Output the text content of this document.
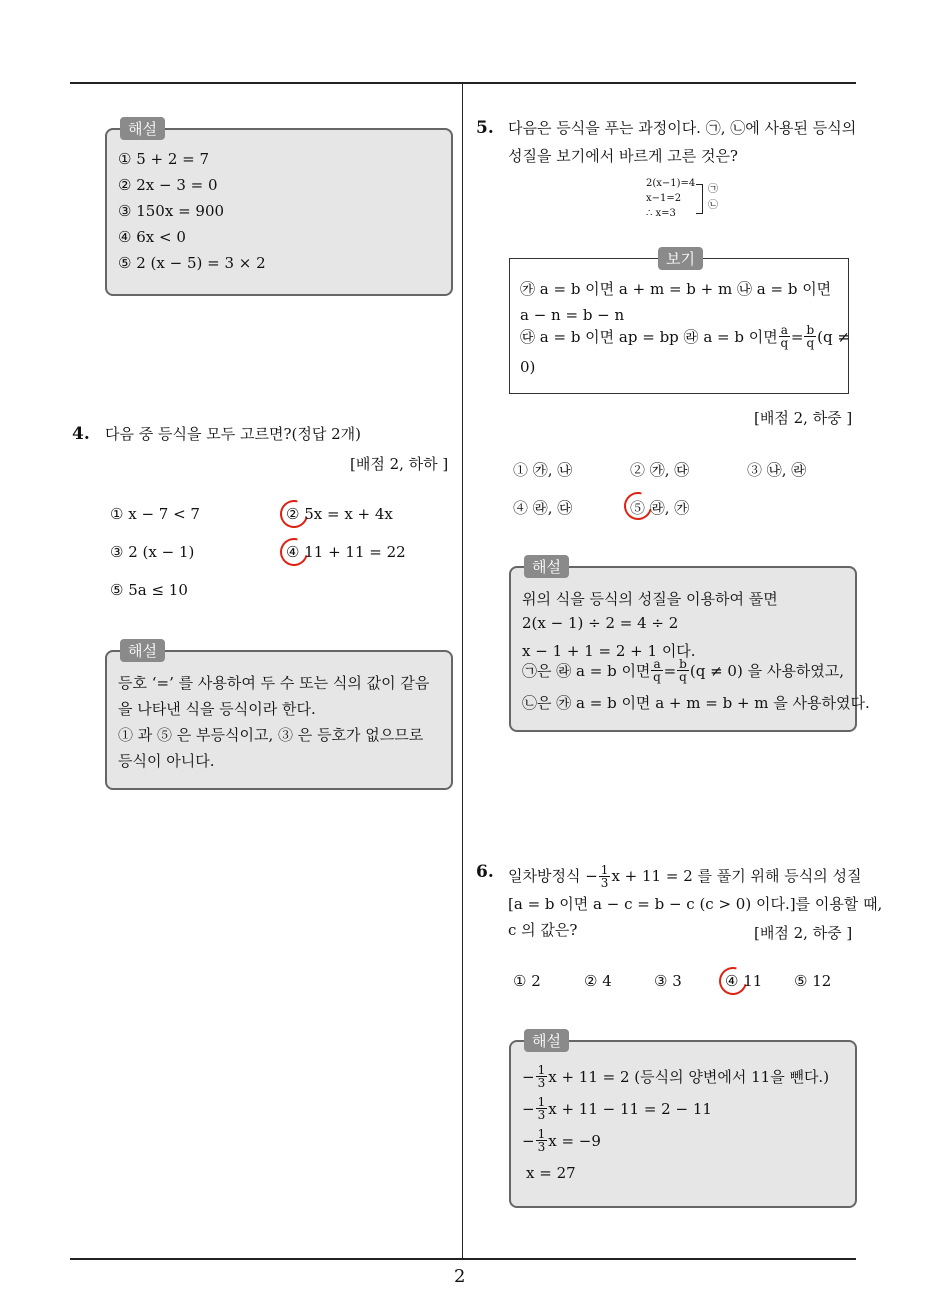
2
해설
① 5 + 2 = 7
② 2x − 3 = 0
③ 150x = 900
④ 6x < 0
⑤ 2 (x − 5) = 3 × 2
4. 다음 중 등식을 모두 고르면?(정답 2개)
[배점 2, 하하 ]
① x − 7 < 7	② 5x = x + 4x
③ 2 (x − 1)	④ 11 + 11 = 22
⑤ 5a ≤ 10
해설
등호 ‘=’ 를 사용하여 두 수 또는 식의 값이 같음
을 나타낸 식을 등식이라 한다.
① 과 ⑤ 은 부등식이고, ③ 은 등호가 없으므로
등식이 아니다.
5. 다음은 등식을 푸는 과정이다. ㉠, ㉡에 사용된 등식의
성질을 보기에서 바르게 고른 것은?
2(x−1)=4
x−1=2
∴ x=3
㉠
㉡
보기
㉮ a = b 이면 a + m = b + m ㉯ a = b 이면
a − n = b − n
㉰ a = b 이면 ap = bp ㉱ a = b 이면 $\frac{a}{q} = \frac{b}{q} (q$ ≠
0)
[배점 2, 하중 ]
① ㉮, ㉯	② ㉮, ㉰	③ ㉯, ㉱
④ ㉱, ㉰	⑤ ㉱, ㉮
해설
위의 식을 등식의 성질을 이용하여 풀면
2(x − 1) ÷ 2 = 4 ÷ 2
x − 1 + 1 = 2 + 1 이다.
㉠은 ㉱ a = b 이면 $\frac{a}{q} = \frac{b}{q} (q \ne 0)$ 을 사용하였고,
㉡은 ㉮ a = b 이면 a + m = b + m 을 사용하였다.
6. 일차방정식 − $\frac{1}{3}$ x + 11 = 2 를 풀기 위해 등식의 성질
[a = b 이면 a − c = b − c (c > 0) 이다.]를 이용할 때,
c 의 값은?	[배점 2, 하중 ]
① 2	② 4	③ 3	④ 11 ⑤ 12
해설
− $\frac{1}{3}$ x + 11 = 2 (등식의 양변에서 11을 뺀다.)
− $\frac{1}{3}$ x + 11 − 11 = 2 − 11
− $\frac{1}{3}$ x = −9
x = 27
